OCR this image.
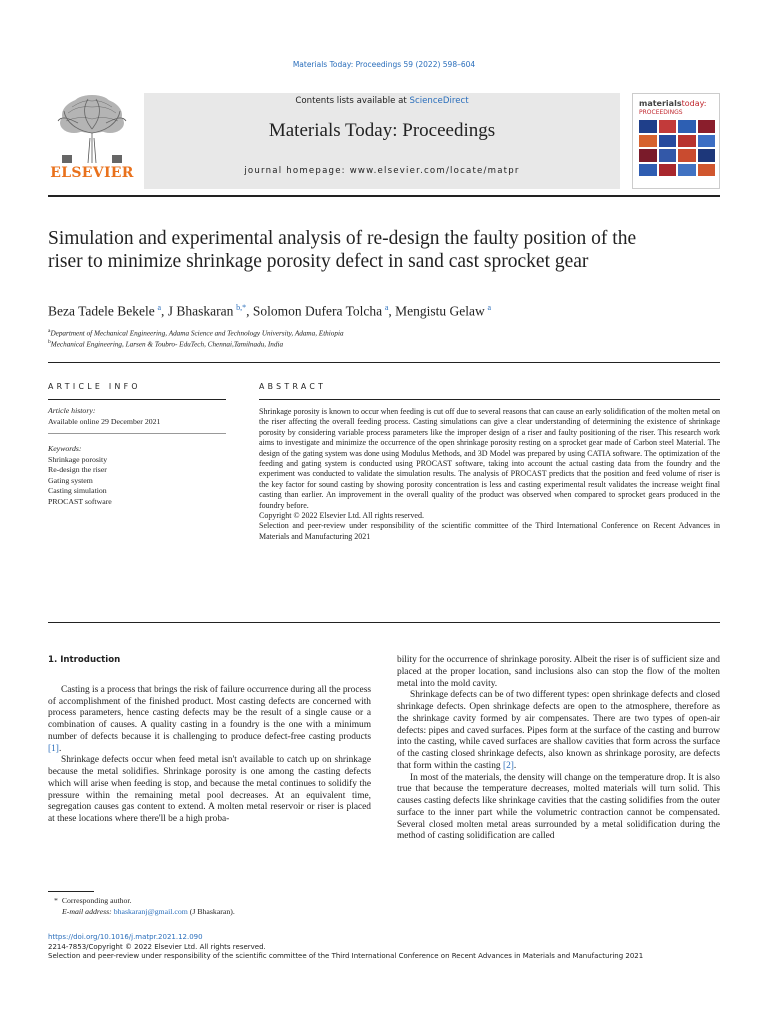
Materials Today: Proceedings 59 (2022) 598–604
ELSEVIER
Contents lists available at ScienceDirect
Materials Today: Proceedings
journal homepage: www.elsevier.com/locate/matpr
materialstoday:
PROCEEDINGS
Simulation and experimental analysis of re-design the faulty position of the riser to minimize shrinkage porosity defect in sand cast sprocket gear
Beza Tadele Bekele  $^a$, J Bhaskaran  $^{b,*}$, Solomon Dufera Tolcha  $^a$, Mengistu Gelaw  $^a$
$^a$Department of Mechanical Engineering, Adama Science and Technology University, Adama, Ethiopia
$^b$Mechanical Engineering, Larsen & Toubro- EduTech, Chennai,Tamilnadu, India
ARTICLE INFO
Article history:
Available online 29 December 2021
Keywords:
Shrinkage porosity
Re-design the riser
Gating system
Casting simulation
PROCAST software
ABSTRACT

Shrinkage porosity is known to occur when feeding is cut off due to several reasons that can cause an early solidification of the molten metal on the riser affecting the overall feeding process. Casting simulations can give a clear understanding of determining the existence of shrinkage porosity by considering variable process parameters like the improper design of a riser and faulty positioning of the riser. This research work aims to investigate and minimize the occurrence of the open shrinkage porosity resting on a sprocket gear made of Carbon steel Material. The design of the gating system was done using Modulus Methods, and 3D Model was prepared by using CATIA software. The optimization of the feeding and gating system is conducted using PROCAST software, taking into account the actual casting data from the foundry and the experiment was conducted to validate the simulation results. The analysis of PROCAST predicts that the position and feed volume of riser is the key factor for sound casting by showing porosity concentration is less and casting experimental result validates the increase weight final casting than earlier. An improvement in the overall quality of the product was observed when compared to sprocket gears produced in the foundry before.

Copyright © 2022 Elsevier Ltd. All rights reserved.

Selection and peer-review under responsibility of the scientific committee of the Third International Conference on Recent Advances in Materials and Manufacturing 2021

1. Introduction

Casting is a process that brings the risk of failure occurrence during all the process of accomplishment of the finished product. Most casting defects are concerned with process parameters, hence casting defects may be the result of a single cause or a combination of causes. A quality casting in a foundry is the one with a minimum number of defects because it is challenging to produce defect-free casting products [1].

Shrinkage defects occur when feed metal isn't available to catch up on shrinkage because the metal solidifies. Shrinkage porosity is one among the casting defects which will arise when feeding is stop, and because the metal continues to solidify the pressure within the remaining metal pool decreases. At an equivalent time, segregation causes gas content to extend. A molten metal reservoir or riser is placed at these locations where there'll be a high proba-

bility for the occurrence of shrinkage porosity. Albeit the riser is of sufficient size and placed at the proper location, sand inclusions also can stop the flow of the molten metal into the mold cavity.

Shrinkage defects can be of two different types: open shrinkage defects and closed shrinkage defects. Open shrinkage defects are open to the atmosphere, therefore as the shrinkage cavity formed by air compensates. There are two types of open-air defects: pipes and caved surfaces. Pipes form at the surface of the casting and burrow into the casting, while caved surfaces are shallow cavities that form across the surface of the casting closed shrinkage defects, also known as shrinkage porosity, are defects that form within the casting [2].

In most of the materials, the density will change on the temperature drop. It is also true that because the temperature decreases, molted materials will turn solid. This causes casting defects like shrinkage cavities that the casting solidifies from the outer surface to the inner part while the volumetric contraction cannot be compensated. Several closed molten metal areas surrounded by a metal solidification during the method of casting solidification are called

* Corresponding author.
E-mail address: bhaskaranj@gmail.com (J Bhaskaran).
https://doi.org/10.1016/j.matpr.2021.12.090
2214-7853/Copyright © 2022 Elsevier Ltd. All rights reserved.
Selection and peer-review under responsibility of the scientific committee of the Third International Conference on Recent Advances in Materials and Manufacturing 2021
